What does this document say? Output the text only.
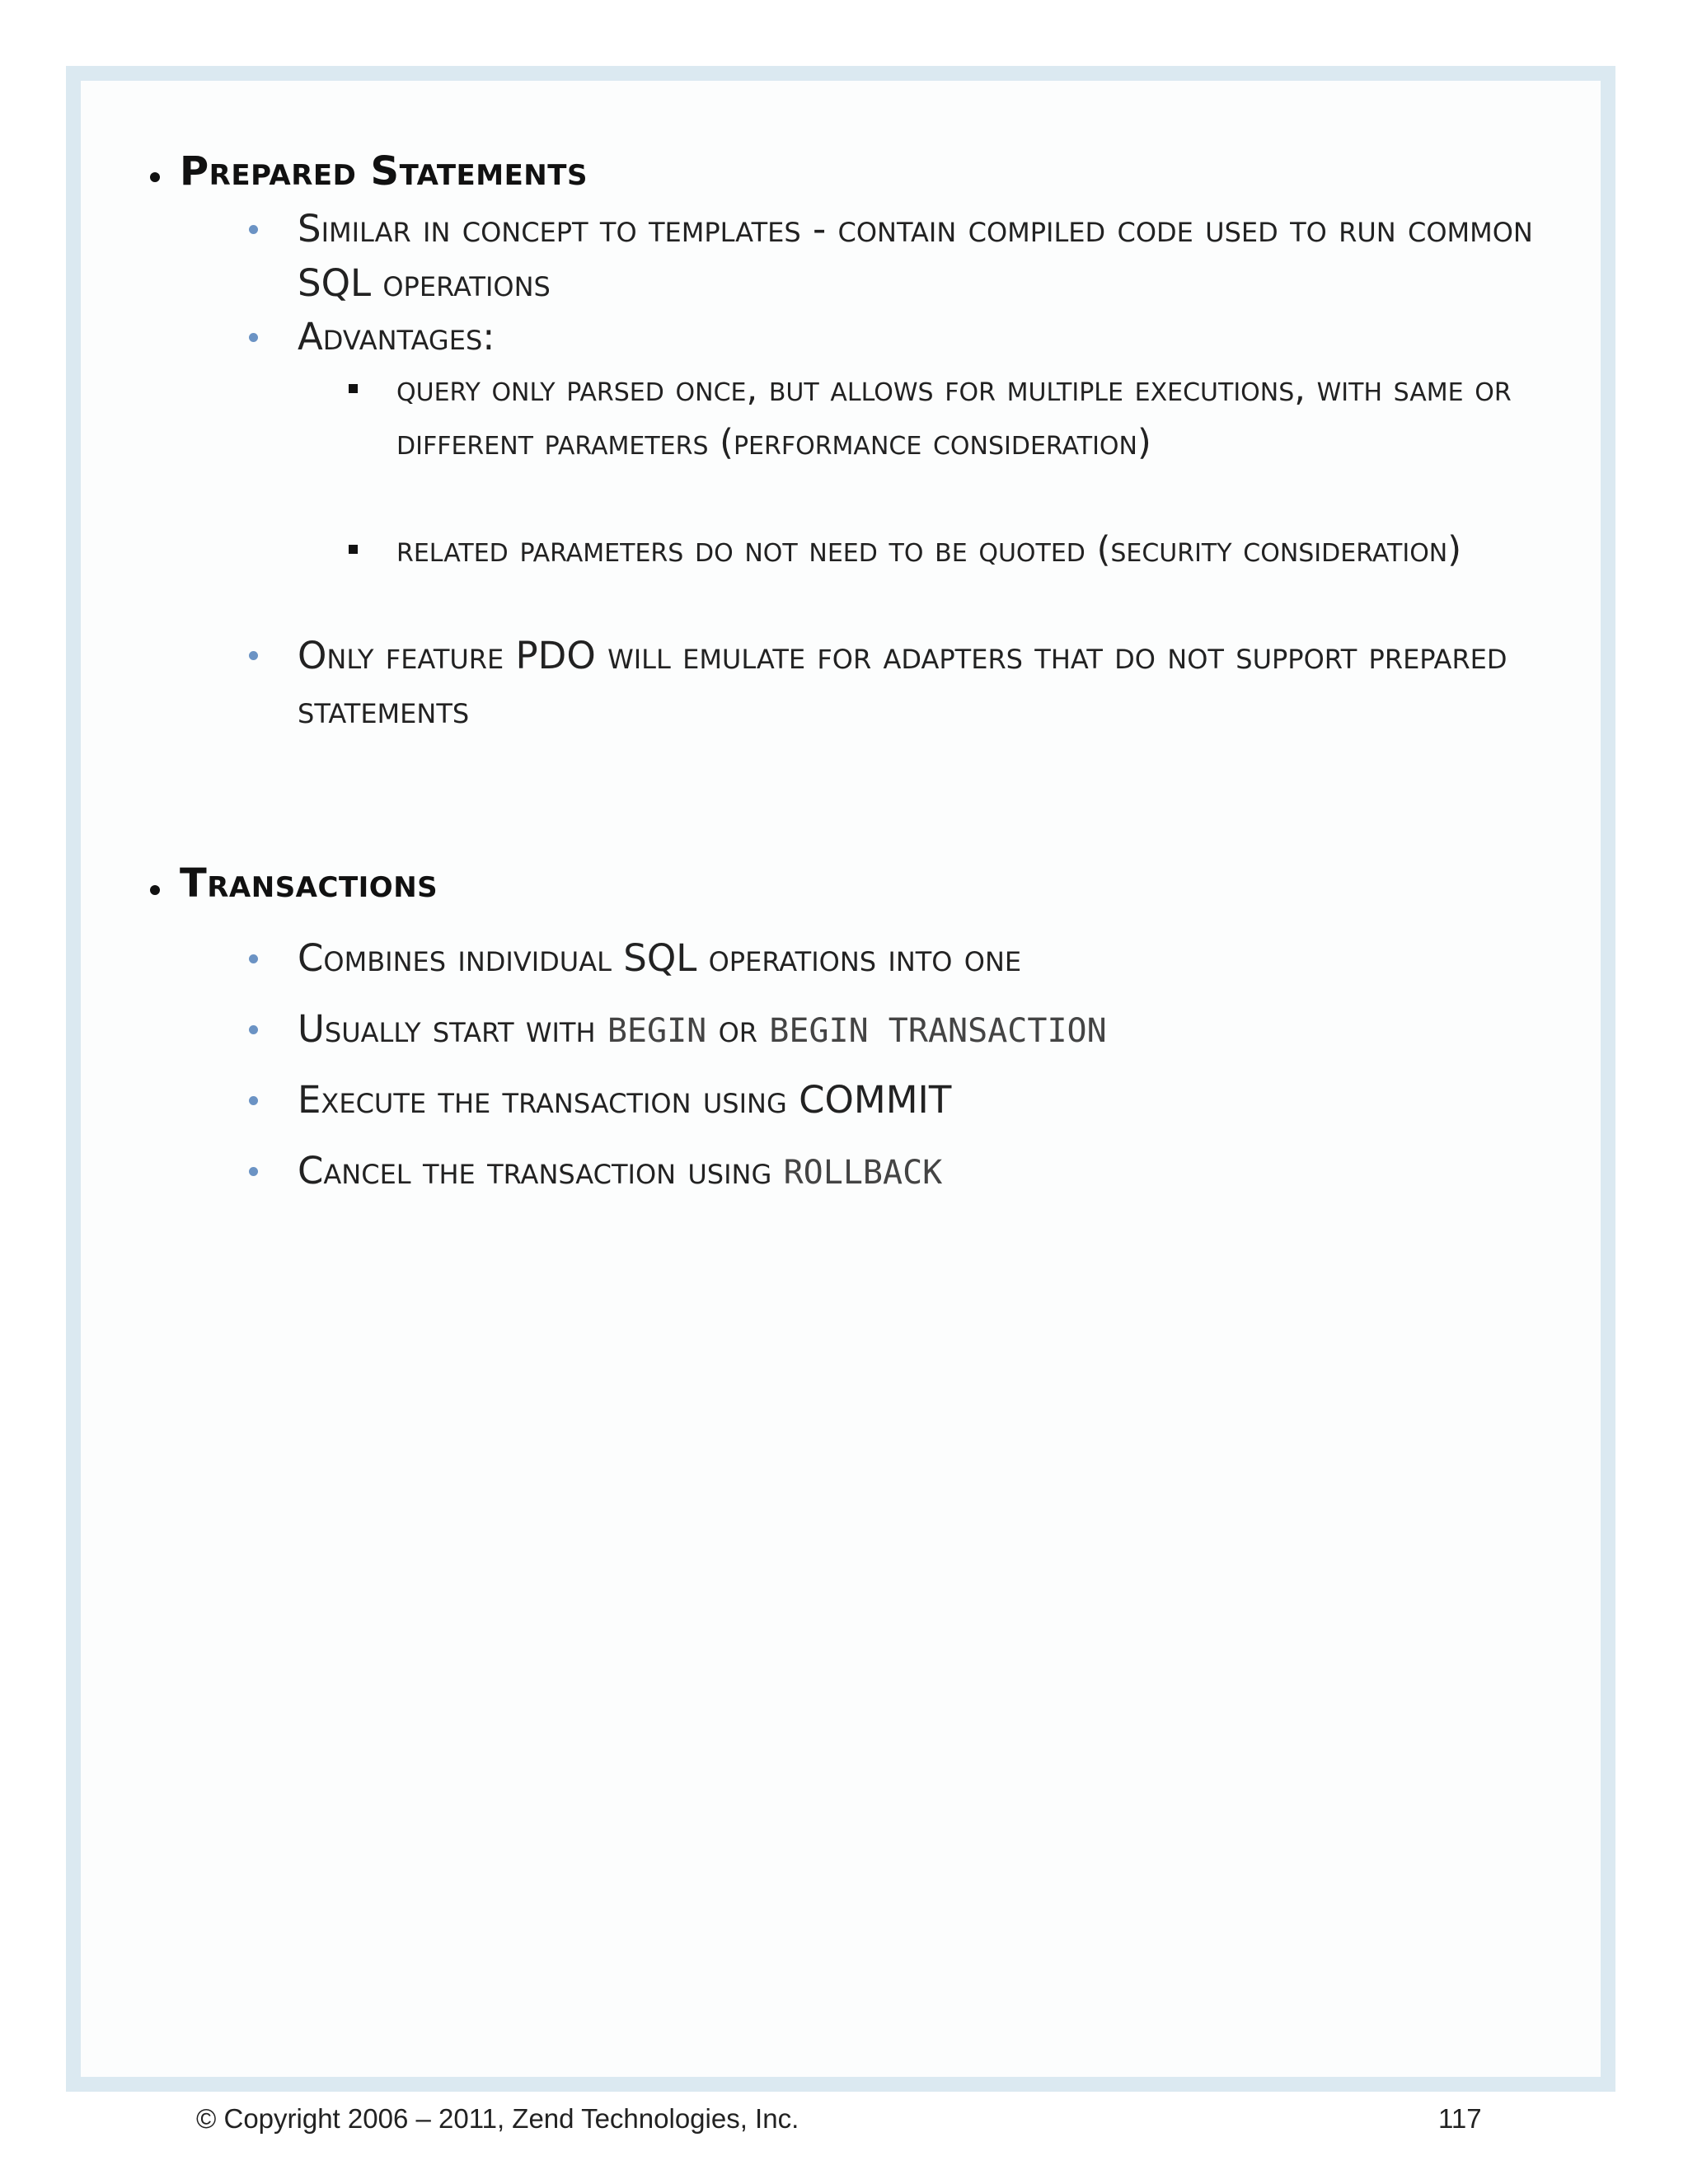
Prepared Statements
Similar in concept to templates - contain compiled code used to run common SQL operations
Advantages:
query only parsed once, but allows for multiple executions, with same or different parameters (performance consideration)
related parameters do not need to be quoted (security consideration)
Only feature PDO will emulate for adapters that do not support prepared statements
Transactions
Combines individual SQL operations into one
Usually start with BEGIN or BEGIN TRANSACTION
Execute the transaction using COMMIT
Cancel the transaction using ROLLBACK
© Copyright 2006 – 2011, Zend Technologies, Inc.	117
